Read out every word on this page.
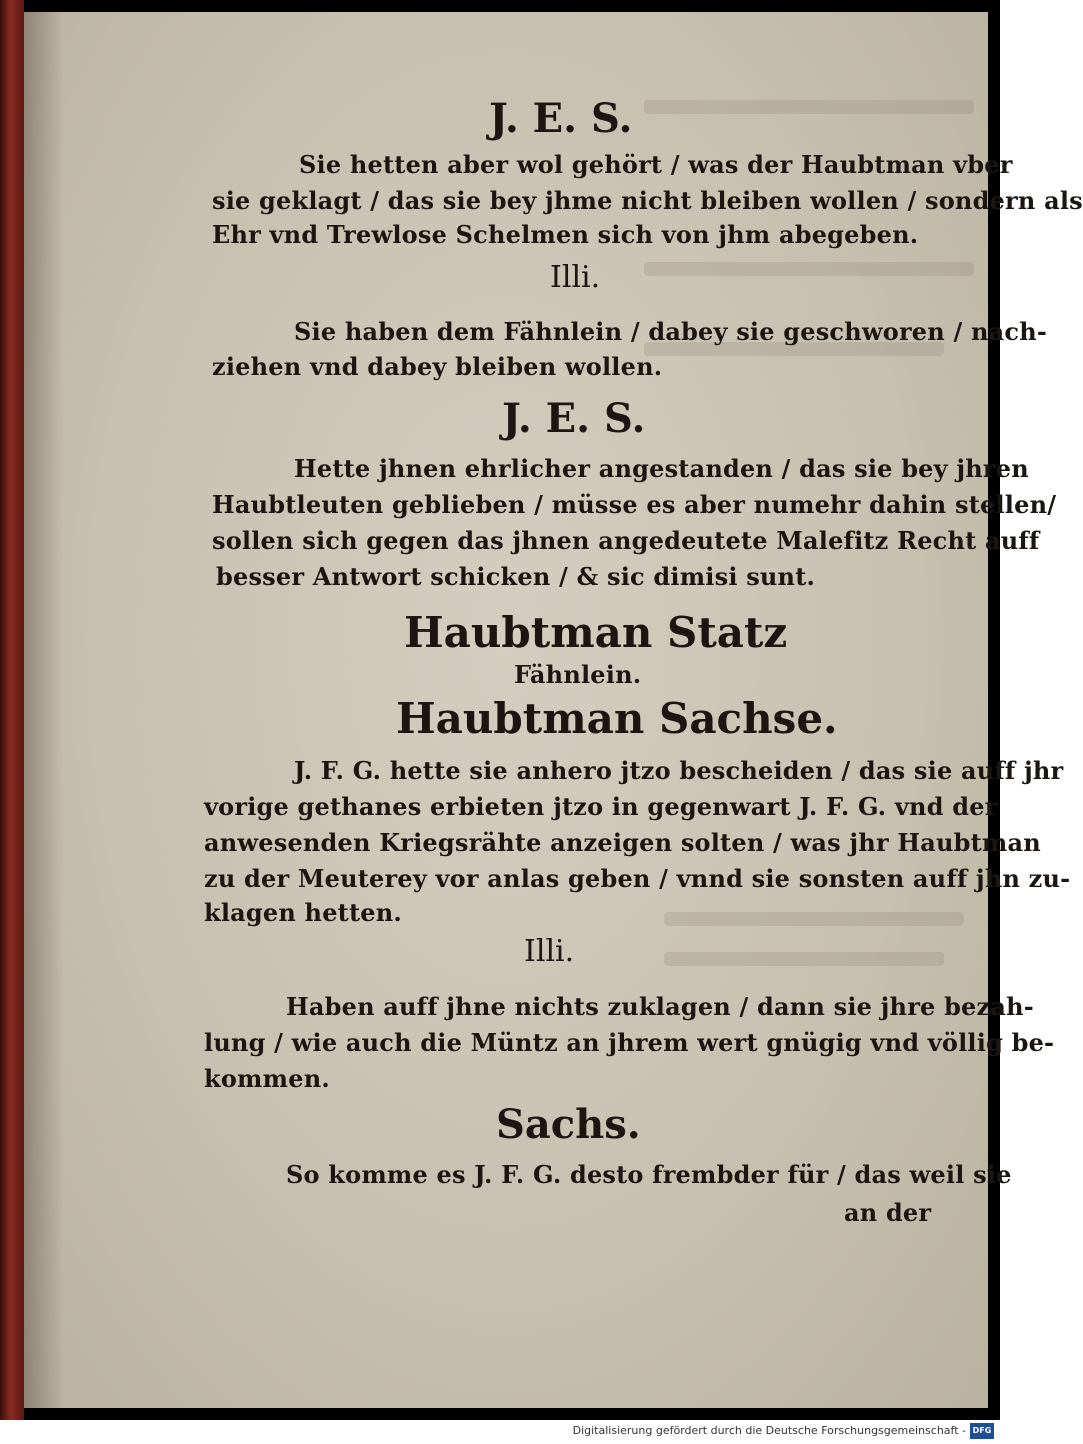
J. E. S.
Sie hetten aber wol gehört / was der Haubtman vber
sie geklagt / das sie bey jhme nicht bleiben wollen / sondern als
Ehr vnd Trewlose Schelmen sich von jhm abegeben.
Illi.
Sie haben dem Fähnlein / dabey sie geschworen / nach-
ziehen vnd dabey bleiben wollen.
J. E. S.
Hette jhnen ehrlicher angestanden / das sie bey jhren
Haubtleuten geblieben / müsse es aber numehr dahin stellen/
sollen sich gegen das jhnen angedeutete Malefitz Recht auff
besser Antwort schicken / & sic dimisi sunt.
Haubtman Statz
Fähnlein.
Haubtman Sachse.
J. F. G. hette sie anhero jtzo bescheiden / das sie auff jhr
vorige gethanes erbieten jtzo in gegenwart J. F. G. vnd der
anwesenden Kriegsrähte anzeigen solten / was jhr Haubtman
zu der Meuterey vor anlas geben / vnnd sie sonsten auff jhn zu-
klagen hetten.
Illi.
Haben auff jhne nichts zuklagen / dann sie jhre bezah-
lung / wie auch die Müntz an jhrem wert gnügig vnd völlig be-
kommen.
Sachs.
So komme es J. F. G. desto frembder für / das weil sie
an der
Digitalisierung gefördert durch die Deutsche Forschungsgemeinschaft - DFG
